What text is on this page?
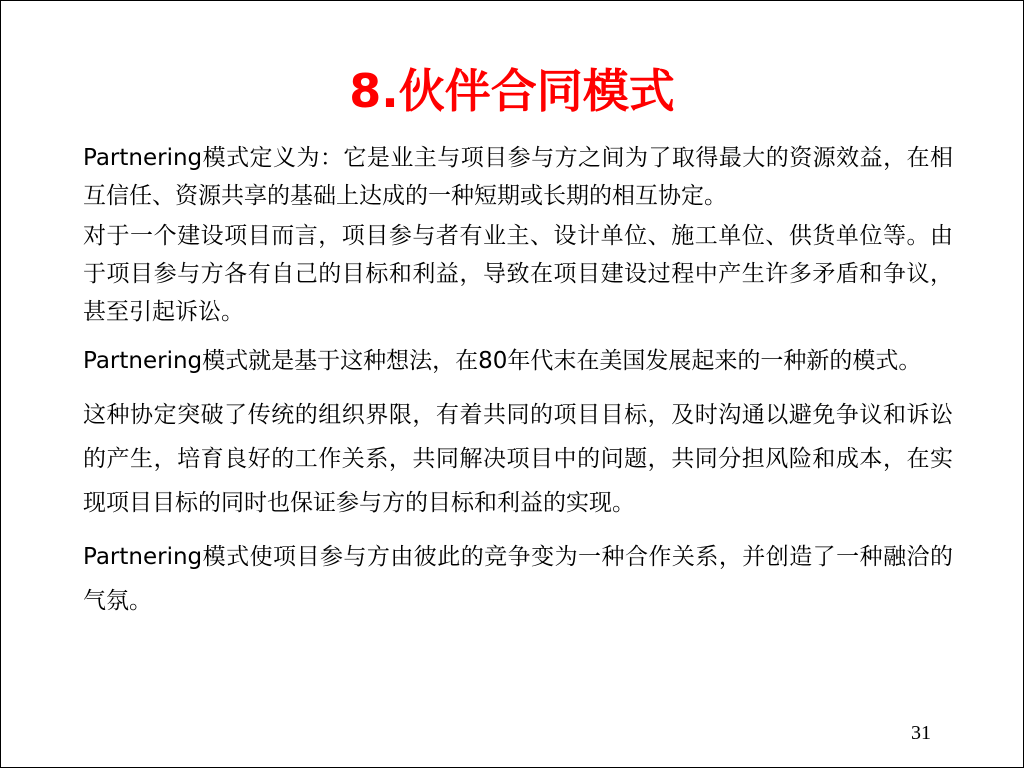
8.伙伴合同模式

Partnering模式定义为：它是业主与项目参与方之间为了取得最大的资源效益，在相互信任、资源共享的基础上达成的一种短期或长期的相互协定。

对于一个建设项目而言，项目参与者有业主、设计单位、施工单位、供货单位等。由于项目参与方各有自己的目标和利益，导致在项目建设过程中产生许多矛盾和争议，甚至引起诉讼。

Partnering模式就是基于这种想法，在80年代末在美国发展起来的一种新的模式。

这种协定突破了传统的组织界限，有着共同的项目目标，及时沟通以避免争议和诉讼的产生，培育良好的工作关系，共同解决项目中的问题，共同分担风险和成本，在实现项目目标的同时也保证参与方的目标和利益的实现。

Partnering模式使项目参与方由彼此的竞争变为一种合作关系，并创造了一种融洽的气氛。

31
